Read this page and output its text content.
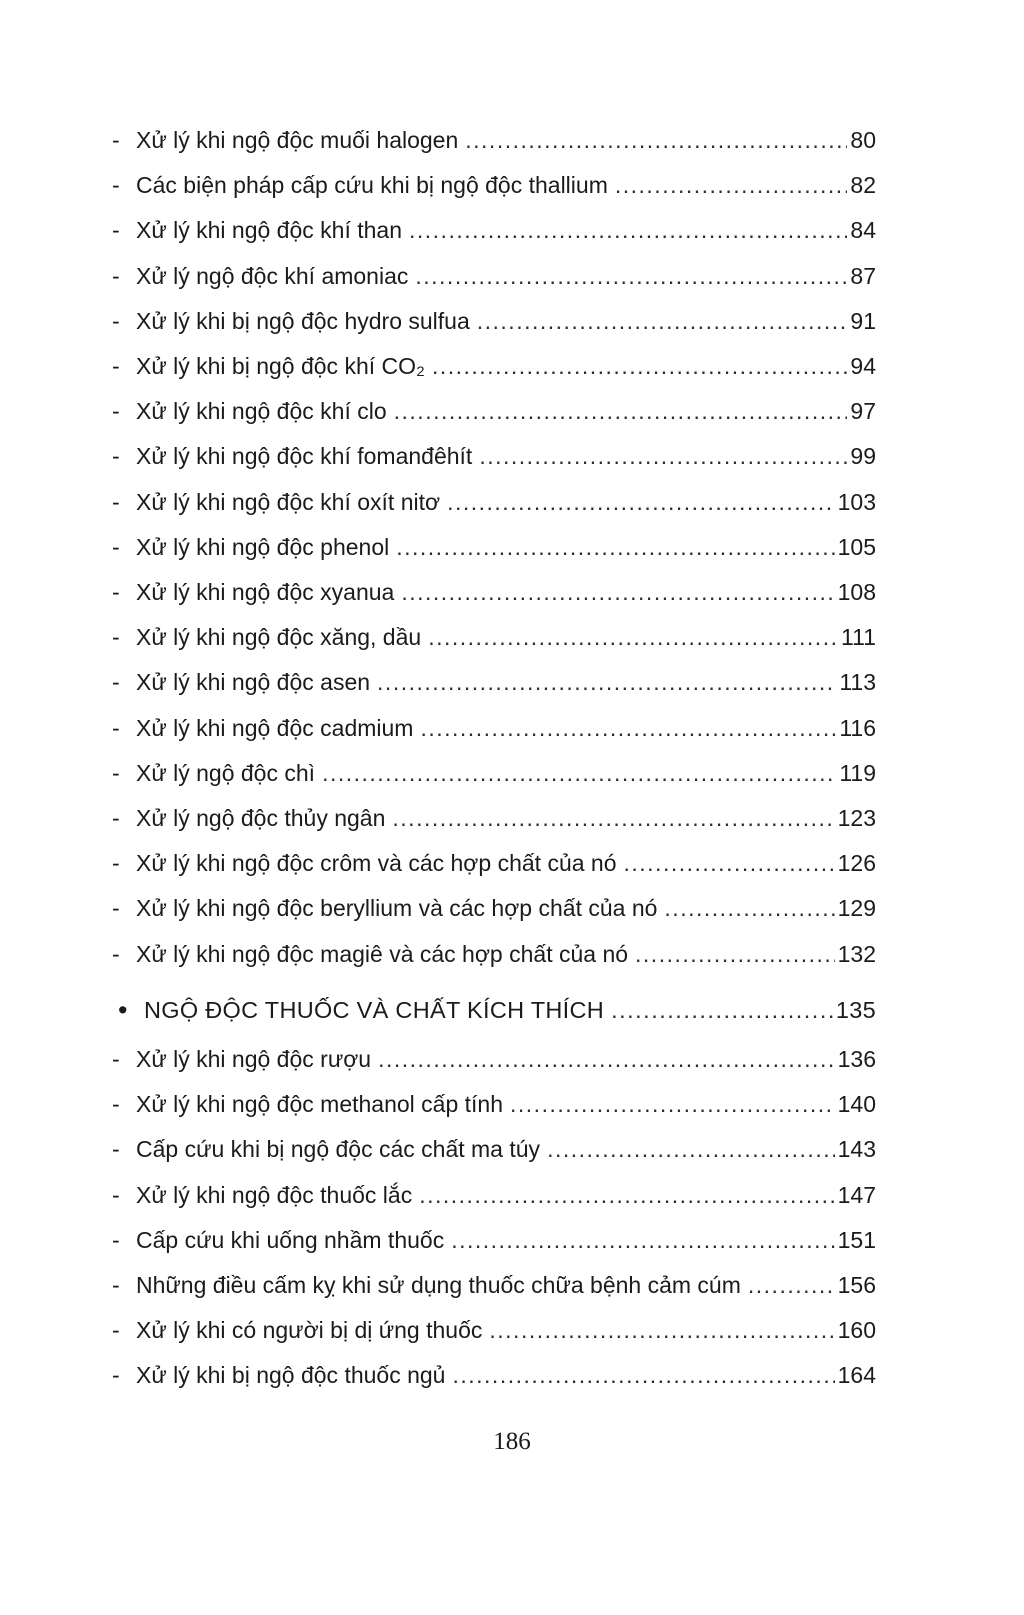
- Xử lý khi ngộ độc muối halogen .....	80
- Các biện pháp cấp cứu khi bị ngộ độc thallium .....	82
- Xử lý khi ngộ độc khí than .....	84
- Xử lý ngộ độc khí amoniac .....	87
- Xử lý khi bị ngộ độc hydro sulfua .....	91
- Xử lý khi bị ngộ độc khí CO₂ .....	94
- Xử lý khi ngộ độc khí clo .....	97
- Xử lý khi ngộ độc khí fomanđêhít .....	99
- Xử lý khi ngộ độc khí oxít nitơ .....	103
- Xử lý khi ngộ độc phenol .....	105
- Xử lý khi ngộ độc xyanua .....	108
- Xử lý khi ngộ độc xăng, dầu .....	111
- Xử lý khi ngộ độc asen .....	113
- Xử lý khi ngộ độc cadmium .....	116
- Xử lý ngộ độc chì .....	119
- Xử lý ngộ độc thủy ngân .....	123
- Xử lý khi ngộ độc crôm và các hợp chất của nó .....	126
- Xử lý khi ngộ độc beryllium và các hợp chất của nó .....	129
- Xử lý khi ngộ độc magiê và các hợp chất của nó .....	132
• NGỘ ĐỘC THUỐC VÀ CHẤT KÍCH THÍCH .....	135
- Xử lý khi ngộ độc rượu .....	136
- Xử lý khi ngộ độc methanol cấp tính .....	140
- Cấp cứu khi bị ngộ độc các chất ma túy .....	143
- Xử lý khi ngộ độc thuốc lắc .....	147
- Cấp cứu khi uống nhầm thuốc .....	151
- Những điều cấm kỵ khi sử dụng thuốc chữa bệnh cảm cúm .....	156
- Xử lý khi có người bị dị ứng thuốc .....	160
- Xử lý khi bị ngộ độc thuốc ngủ .....	164
186
